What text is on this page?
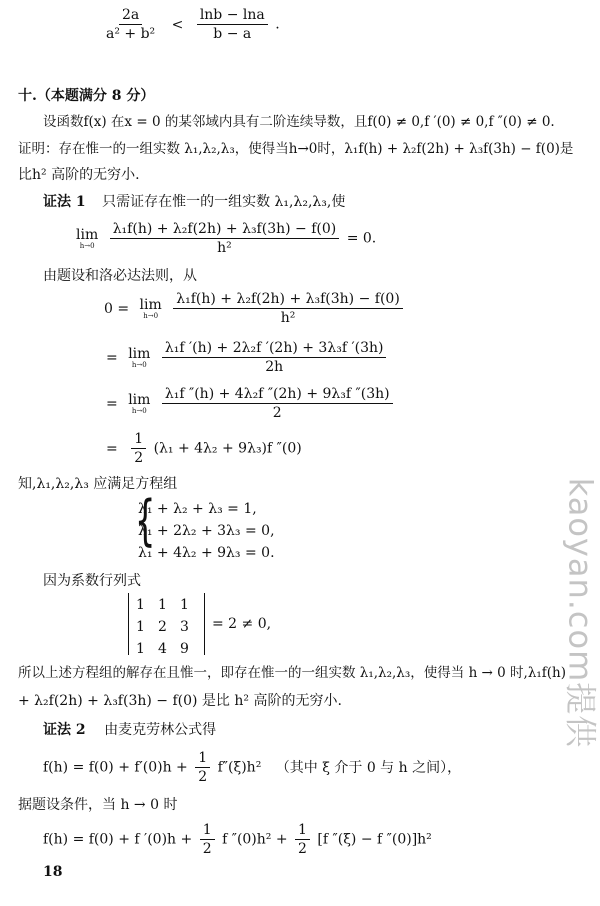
$\frac{2a}{\text{a² + b²}} < \frac{\ln b - \ln a}{b - a}$ .
十.（本题满分 8 分）
设函数f(x) 在x = 0 的某邻域内具有二阶连续导数，且f(0) ≠ 0,f ′(0) ≠ 0,f ″(0) ≠ 0.
证明：存在惟一的一组实数 λ₁,λ₂,λ₃，使得当h→0时，λ₁f(h) + λ₂f(2h) + λ₃f(3h) − f(0)是
比h² 高阶的无穷小.
证法 1 只需证存在惟一的一组实数 λ₁,λ₂,λ₃,使
lim
h→0
$\frac{\text{λ₁f(h) + λ₂f(2h) + λ₃f(3h) − f(0)}}{\text{h²}} = 0$.
由题设和洛必达法则，从
0 = lim
h→0
$\frac{\text{λ₁f(h) + λ₂f(2h) + λ₃f(3h) − f(0)}}{\text{h²}}$
= lim
h→0
$\frac{\text{λ₁f ′(h) + 2λ₂f ′(2h) + 3λ₃f ′(3h)}}{2h}$
= lim
h→0
$\frac{\text{λ₁f ″(h) + 4λ₂f ″(2h) + 9λ₃f ″(3h)}}{2}$
= $\frac{1}{2} (\lambda_1 + 4\lambda_2 + 9\lambda_3)f$ ″(0)
知,λ₁,λ₂,λ₃ 应满足方程组
{
λ₁ + λ₂ + λ₃ = 1,
λ₁ + 2λ₂ + 3λ₃ = 0,
λ₁ + 4λ₂ + 9λ₃ = 0.
因为系数行列式
1 1 1
1 2 3
1 4 9
= 2 ≠ 0,
所以上述方程组的解存在且惟一，即存在惟一的一组实数 λ₁,λ₂,λ₃，使得当 h → 0 时,λ₁f(h)
+ λ₂f(2h) + λ₃f(3h) − f(0) 是比 h² 高阶的无穷小.
证法 2 由麦克劳林公式得
$f(h) = f(0) + f'(0)h + \frac{1}{2} f''(\xi)h^2$ （其中 ξ 介于 0 与 h 之间），
据题设条件，当 h → 0 时
f(h) = f(0) + f $'(0)h + \frac{1}{2}$ f $''(0)h^2 + \frac{1}{2} [f$ ″(ξ) − f ″(0)]h²
18
kaoyan.com提供
